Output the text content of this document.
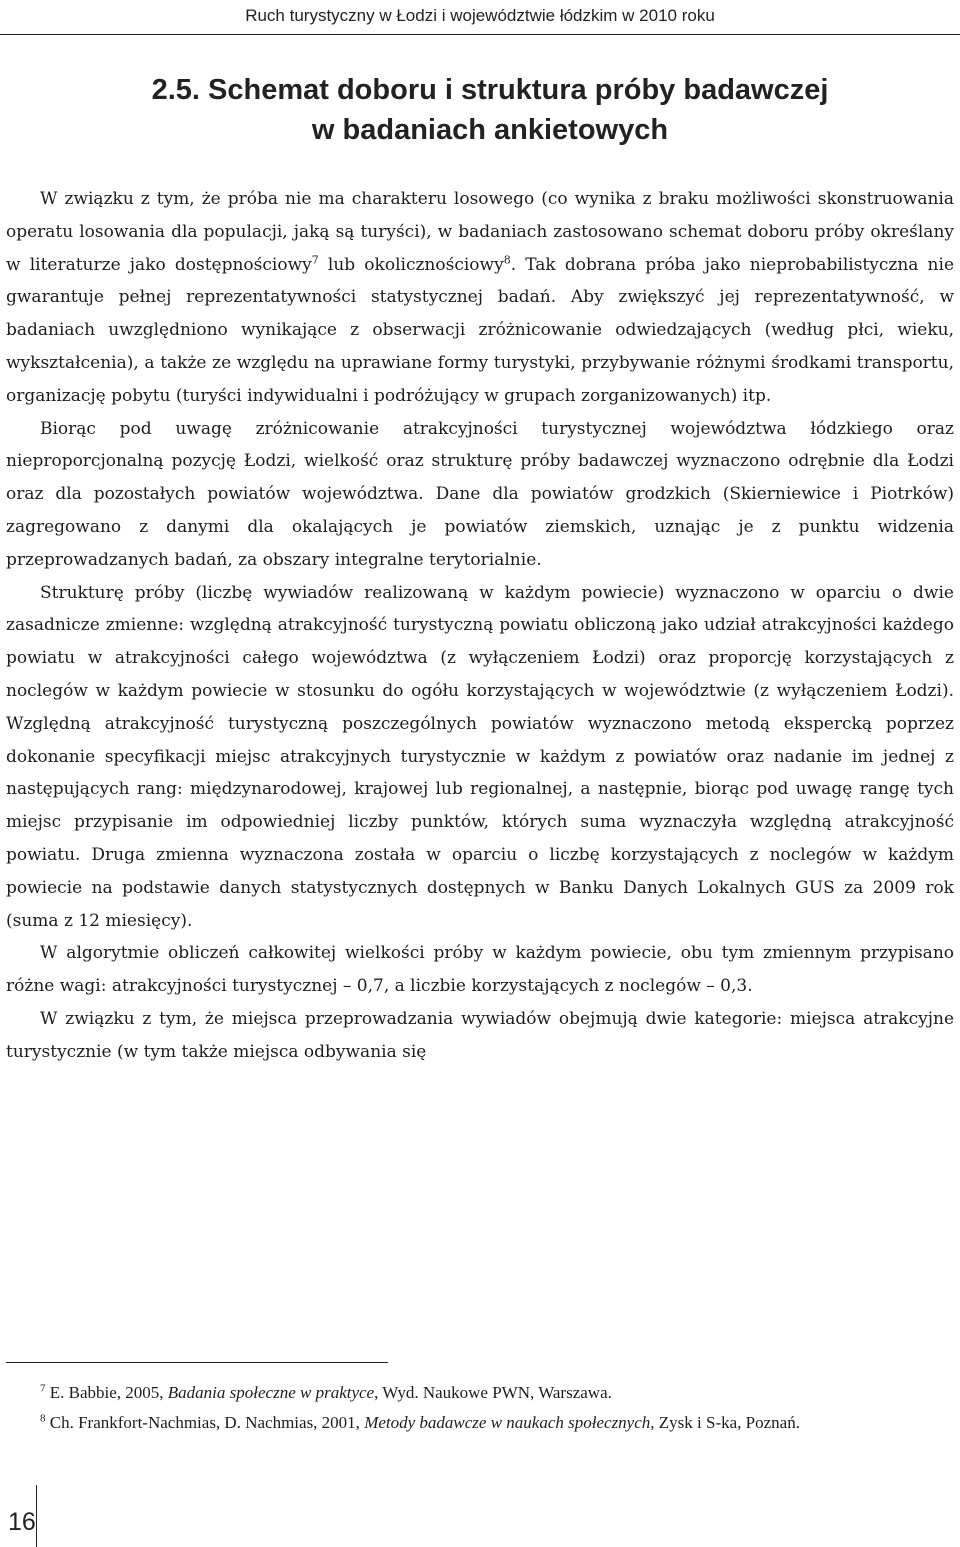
Ruch turystyczny w Łodzi i województwie łódzkim w 2010 roku
2.5. Schemat doboru i struktura próby badawczej
w badaniach ankietowych

W związku z tym, że próba nie ma charakteru losowego (co wynika z braku możliwości skonstruowania operatu losowania dla populacji, jaką są turyści), w badaniach zastosowano schemat doboru próby określany w literaturze jako dostępnościowy$^7$ lub okolicznościowy$^8$. Tak dobrana próba jako nieprobabilistyczna nie gwarantuje pełnej reprezentatywności statystycznej badań. Aby zwiększyć jej reprezentatywność, w badaniach uwzględniono wynikające z obserwacji zróżnicowanie odwiedzających (według płci, wieku, wykształcenia), a także ze względu na uprawiane formy turystyki, przybywanie różnymi środkami transportu, organizację pobytu (turyści indywidualni i podróżujący w grupach zorganizowanych) itp.

Biorąc pod uwagę zróżnicowanie atrakcyjności turystycznej województwa łódzkiego oraz nieproporcjonalną pozycję Łodzi, wielkość oraz strukturę próby badawczej wyznaczono odrębnie dla Łodzi oraz dla pozostałych powiatów województwa. Dane dla powiatów grodzkich (Skierniewice i Piotrków) zagregowano z danymi dla okalających je powiatów ziemskich, uznając je z punktu widzenia przeprowadzanych badań, za obszary integralne terytorialnie.

Strukturę próby (liczbę wywiadów realizowaną w każdym powiecie) wyznaczono w oparciu o dwie zasadnicze zmienne: względną atrakcyjność turystyczną powiatu obliczoną jako udział atrakcyjności każdego powiatu w atrakcyjności całego województwa (z wyłączeniem Łodzi) oraz proporcję korzystających z noclegów w każdym powiecie w stosunku do ogółu korzystających w województwie (z wyłączeniem Łodzi). Względną atrakcyjność turystyczną poszczególnych powiatów wyznaczono metodą ekspercką poprzez dokonanie specyfikacji miejsc atrakcyjnych turystycznie w każdym z powiatów oraz nadanie im jednej z następujących rang: międzynarodowej, krajowej lub regionalnej, a następnie, biorąc pod uwagę rangę tych miejsc przypisanie im odpowiedniej liczby punktów, których suma wyznaczyła względną atrakcyjność powiatu. Druga zmienna wyznaczona została w oparciu o liczbę korzystających z noclegów w każdym powiecie na podstawie danych statystycznych dostępnych w Banku Danych Lokalnych GUS za 2009 rok (suma z 12 miesięcy).

W algorytmie obliczeń całkowitej wielkości próby w każdym powiecie, obu tym zmiennym przypisano różne wagi: atrakcyjności turystycznej – 0,7, a liczbie korzystających z noclegów – 0,3.

W związku z tym, że miejsca przeprowadzania wywiadów obejmują dwie kategorie: miejsca atrakcyjne turystycznie (w tym także miejsca odbywania się

$^7$ E. Babbie, 2005, Badania społeczne w praktyce, Wyd. Naukowe PWN, Warszawa.

$^8$ Ch. Frankfort-Nachmias, D. Nachmias, 2001, Metody badawcze w naukach społecznych, Zysk i S-ka, Poznań.

16
